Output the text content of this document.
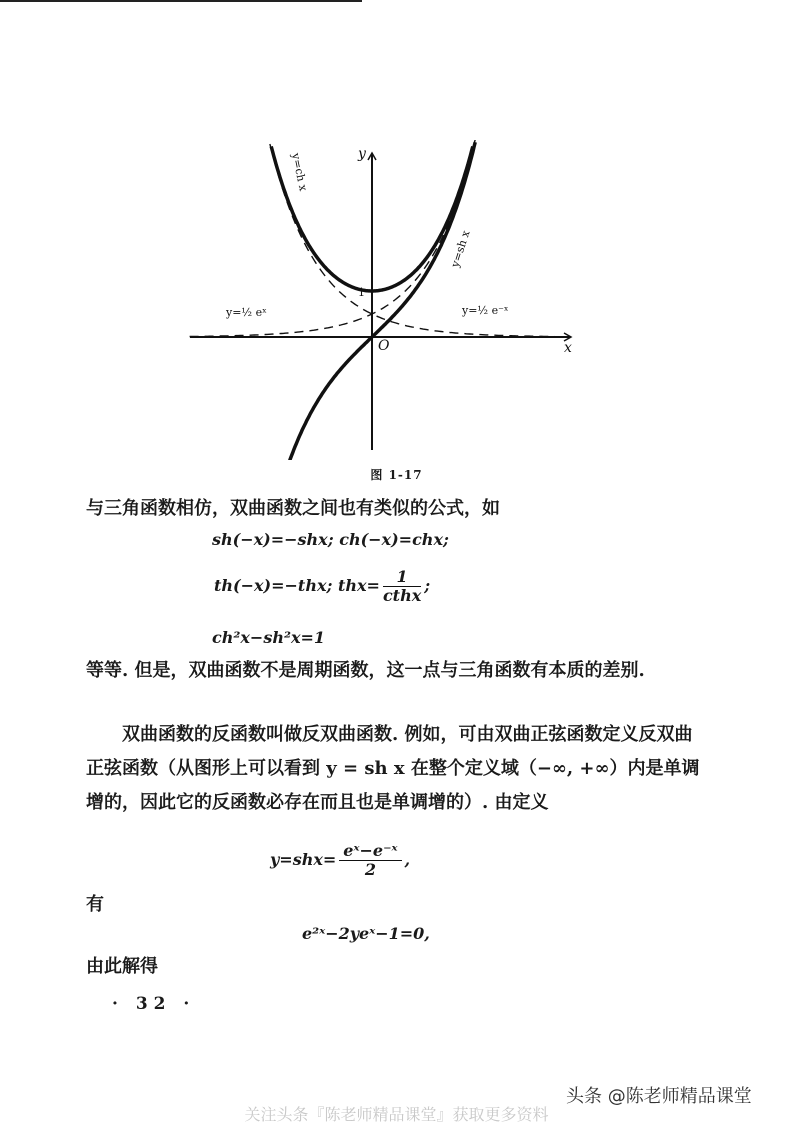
x
y
O
1
y=ch x
y=sh x
y=½ eˣ	y=½ e⁻ˣ
图 1-17
与三角函数相仿，双曲函数之间也有类似的公式，如
sh(−x)=−shx; ch(−x)=chx;
th(−x)=−thx; $thx= \frac{1}{\text{cthx}}$ ;
ch²x−sh²x=1
等等. 但是，双曲函数不是周期函数，这一点与三角函数有本质的差别.
双曲函数的反函数叫做反双曲函数. 例如，可由双曲正弦函数定义反双曲正弦函数（从图形上可以看到 y = sh x 在整个定义域（−∞, +∞）内是单调增的，因此它的反函数必存在而且也是单调增的）. 由定义
$y=shx= \frac{\text{eˣ−e⁻ˣ}}{2}$ ,
有
e²ˣ−2yeˣ−1=0,
由此解得
· 32 ·
头条 @陈老师精品课堂
关注头条『陈老师精品课堂』获取更多资料
